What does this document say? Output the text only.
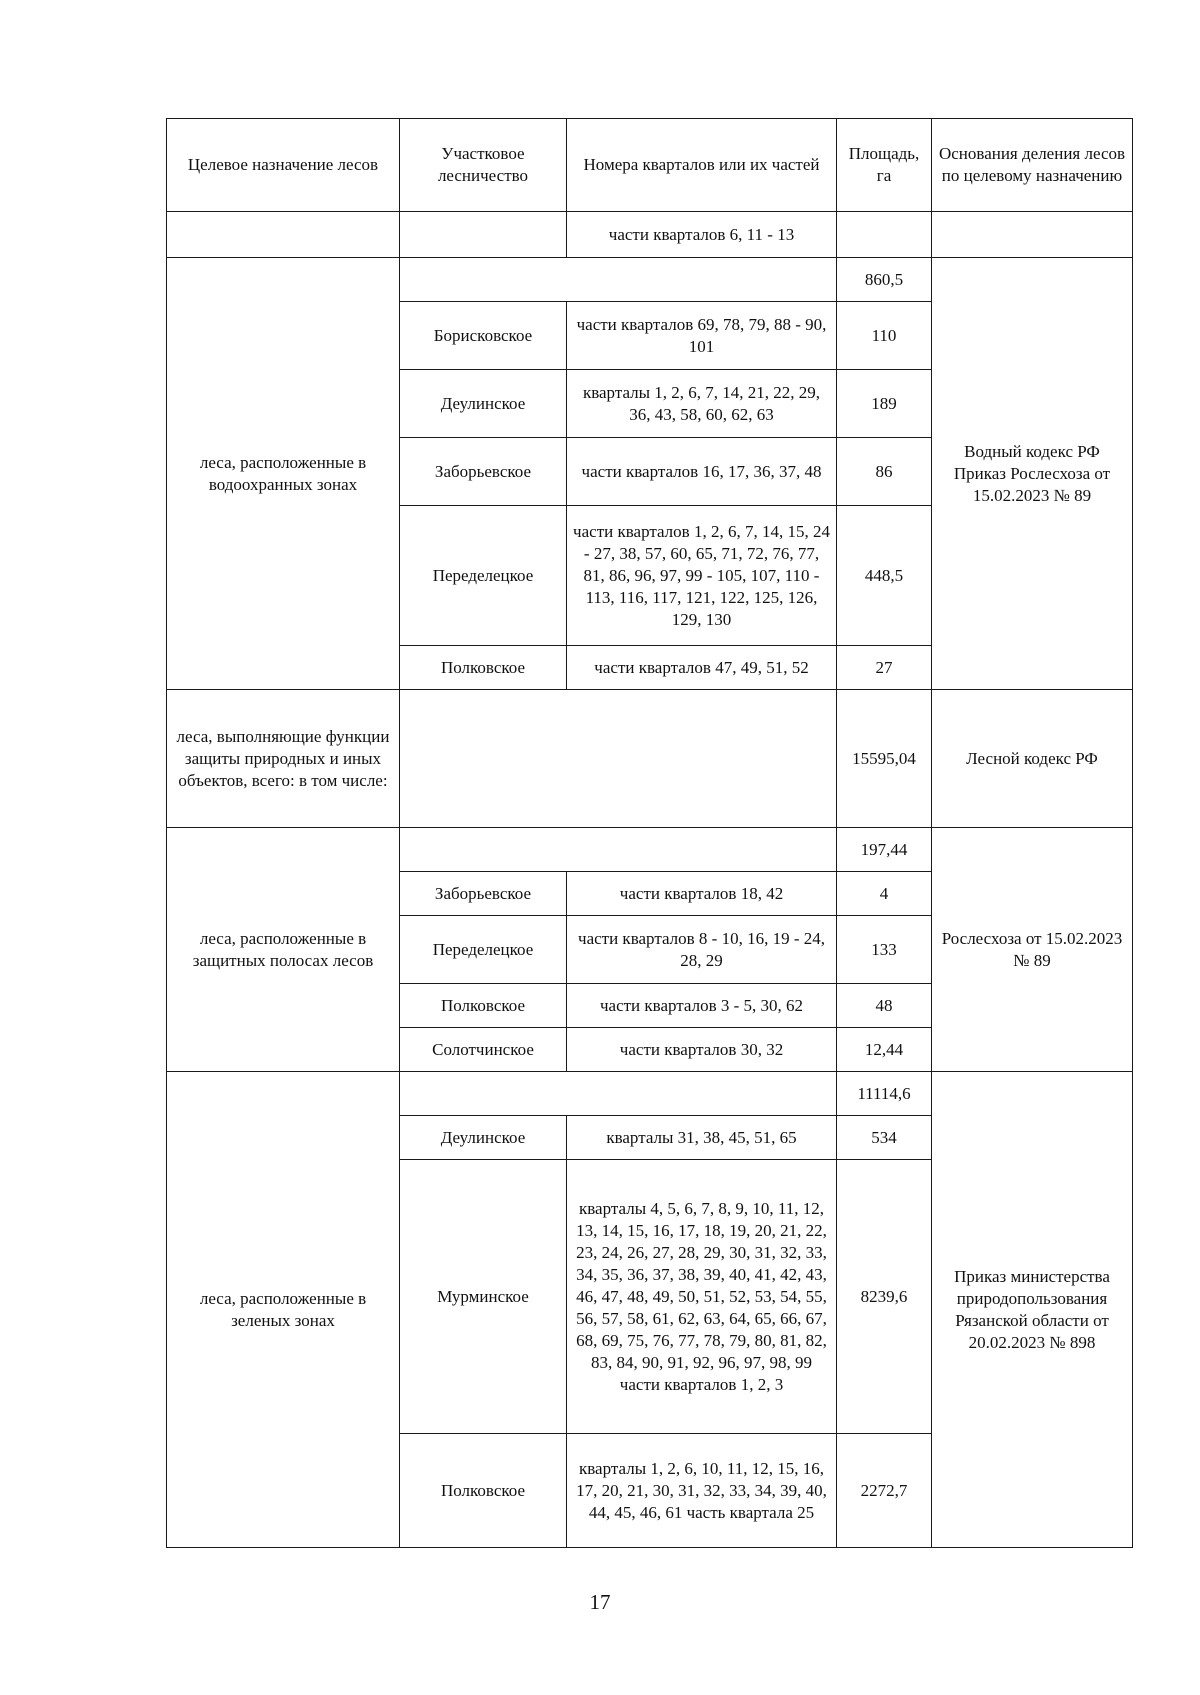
Целевое назначение лесов	Участковое лесничество	Номера кварталов или их частей	Площадь, га	Основания деления лесов по целевому назначению
		части кварталов 6, 11 - 13		
леса, расположенные в водоохранных зонах			860,5	Водный кодекс РФ Приказ Рослесхоза от 15.02.2023 № 89
	Борисковское	части кварталов 69, 78, 79, 88 - 90, 101	110	
	Деулинское	кварталы 1, 2, 6, 7, 14, 21, 22, 29, 36, 43, 58, 60, 62, 63	189	
	Заборьевское	части кварталов 16, 17, 36, 37, 48	86	
	Переделецкое	части кварталов 1, 2, 6, 7, 14, 15, 24 - 27, 38, 57, 60, 65, 71, 72, 76, 77, 81, 86, 96, 97, 99 - 105, 107, 110 - 113, 116, 117, 121, 122, 125, 126, 129, 130	448,5	
	Полковское	части кварталов 47, 49, 51, 52	27	
леса, выполняющие функции защиты природных и иных объектов, всего: в том числе:			15595,04	Лесной кодекс РФ
леса, расположенные в защитных полосах лесов			197,44	Рослесхоза от 15.02.2023 № 89
	Заборьевское	части кварталов 18, 42	4	
	Переделецкое	части кварталов 8 - 10, 16, 19 - 24, 28, 29	133	
	Полковское	части кварталов 3 - 5, 30, 62	48	
	Солотчинское	части кварталов 30, 32	12,44	
леса, расположенные в зеленых зонах			11114,6	Приказ министерства природопользования Рязанской области от 20.02.2023 № 898
	Деулинское	кварталы 31, 38, 45, 51, 65	534	
	Мурминское	кварталы 4, 5, 6, 7, 8, 9, 10, 11, 12, 13, 14, 15, 16, 17, 18, 19, 20, 21, 22, 23, 24, 26, 27, 28, 29, 30, 31, 32, 33, 34, 35, 36, 37, 38, 39, 40, 41, 42, 43, 46, 47, 48, 49, 50, 51, 52, 53, 54, 55, 56, 57, 58, 61, 62, 63, 64, 65, 66, 67, 68, 69, 75, 76, 77, 78, 79, 80, 81, 82, 83, 84, 90, 91, 92, 96, 97, 98, 99 части кварталов 1, 2, 3	8239,6	
	Полковское	кварталы 1, 2, 6, 10, 11, 12, 15, 16, 17, 20, 21, 30, 31, 32, 33, 34, 39, 40, 44, 45, 46, 61 часть квартала 25	2272,7	
17
